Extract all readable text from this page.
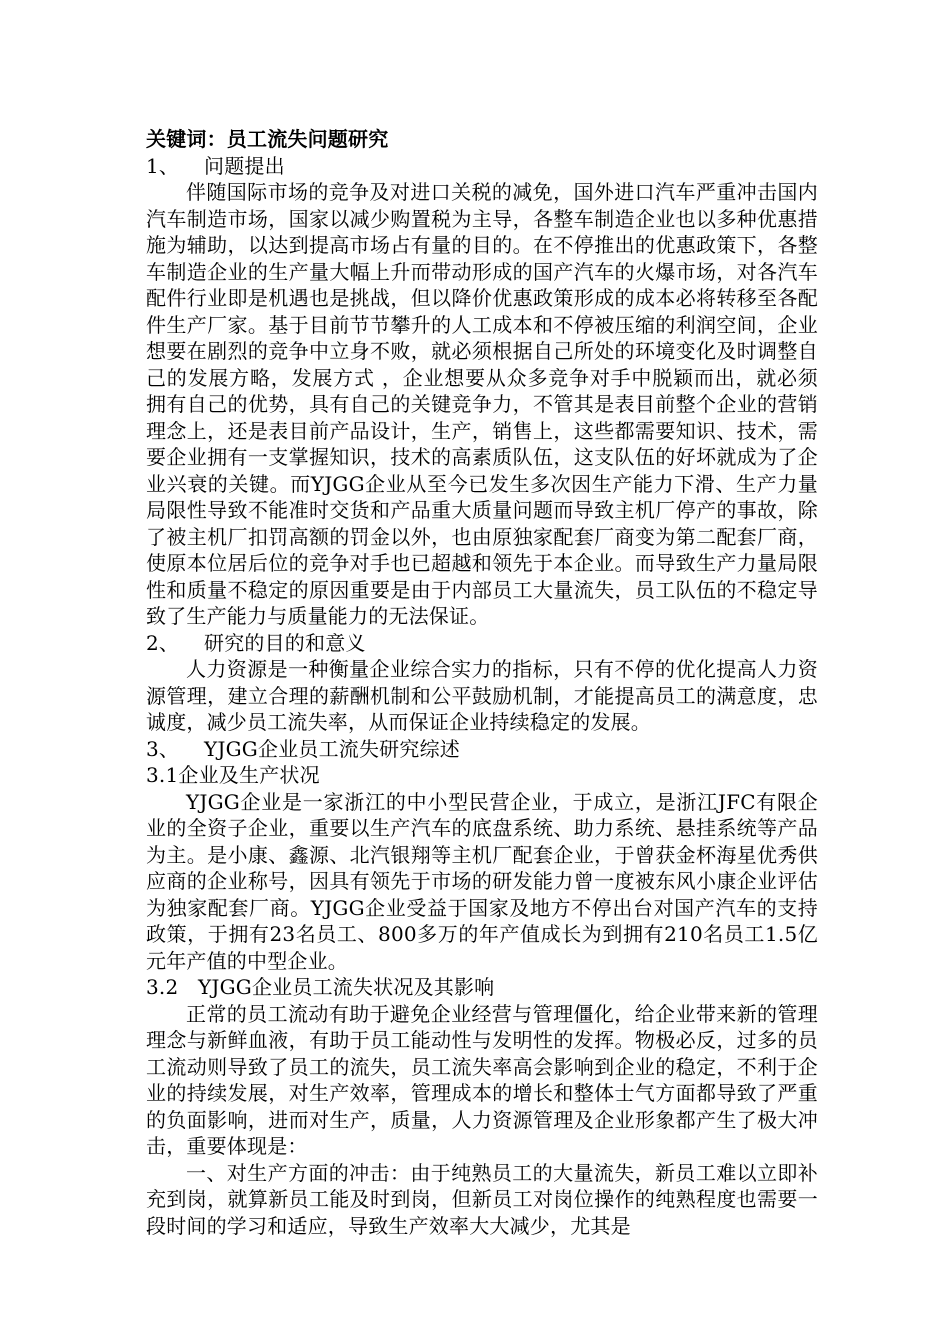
关键词：员工流失问题研究

1、 问题提出

伴随国际市场的竞争及对进口关税的减免，国外进口汽车严重冲击国内汽车制造市场，国家以减少购置税为主导，各整车制造企业也以多种优惠措施为辅助，以达到提高市场占有量的目的。在不停推出的优惠政策下，各整车制造企业的生产量大幅上升而带动形成的国产汽车的火爆市场，对各汽车配件行业即是机遇也是挑战，但以降价优惠政策形成的成本必将转移至各配件生产厂家。基于目前节节攀升的人工成本和不停被压缩的利润空间，企业想要在剧烈的竞争中立身不败，就必须根据自己所处的环境变化及时调整自己的发展方略，发展方式 ，企业想要从众多竞争对手中脱颖而出，就必须拥有自己的优势，具有自己的关键竞争力，不管其是表目前整个企业的营销理念上，还是表目前产品设计，生产，销售上，这些都需要知识、技术，需要企业拥有一支掌握知识，技术的高素质队伍，这支队伍的好坏就成为了企业兴衰的关键。而YJGG企业从至今已发生多次因生产能力下滑、生产力量局限性导致不能准时交货和产品重大质量问题而导致主机厂停产的事故，除了被主机厂扣罚高额的罚金以外，也由原独家配套厂商变为第二配套厂商，使原本位居后位的竞争对手也已超越和领先于本企业。而导致生产力量局限性和质量不稳定的原因重要是由于内部员工大量流失，员工队伍的不稳定导致了生产能力与质量能力的无法保证。

2、 研究的目的和意义

人力资源是一种衡量企业综合实力的指标，只有不停的优化提高人力资源管理，建立合理的薪酬机制和公平鼓励机制，才能提高员工的满意度，忠诚度，减少员工流失率，从而保证企业持续稳定的发展。

3、 YJGG企业员工流失研究综述

3.1企业及生产状况

YJGG企业是一家浙江的中小型民营企业，于成立，是浙江JFC有限企业的全资子企业，重要以生产汽车的底盘系统、助力系统、悬挂系统等产品为主。是小康、鑫源、北汽银翔等主机厂配套企业，于曾获金杯海星优秀供应商的企业称号，因具有领先于市场的研发能力曾一度被东风小康企业评估为独家配套厂商。YJGG企业受益于国家及地方不停出台对国产汽车的支持政策，于拥有23名员工、800多万的年产值成长为到拥有210名员工1.5亿元年产值的中型企业。

3.2 YJGG企业员工流失状况及其影响

正常的员工流动有助于避免企业经营与管理僵化，给企业带来新的管理理念与新鲜血液，有助于员工能动性与发明性的发挥。物极必反，过多的员工流动则导致了员工的流失，员工流失率高会影响到企业的稳定，不利于企业的持续发展，对生产效率，管理成本的增长和整体士气方面都导致了严重的负面影响，进而对生产，质量，人力资源管理及企业形象都产生了极大冲击，重要体现是：

一、对生产方面的冲击：由于纯熟员工的大量流失，新员工难以立即补充到岗，就算新员工能及时到岗，但新员工对岗位操作的纯熟程度也需要一段时间的学习和适应，导致生产效率大大减少，尤其是
